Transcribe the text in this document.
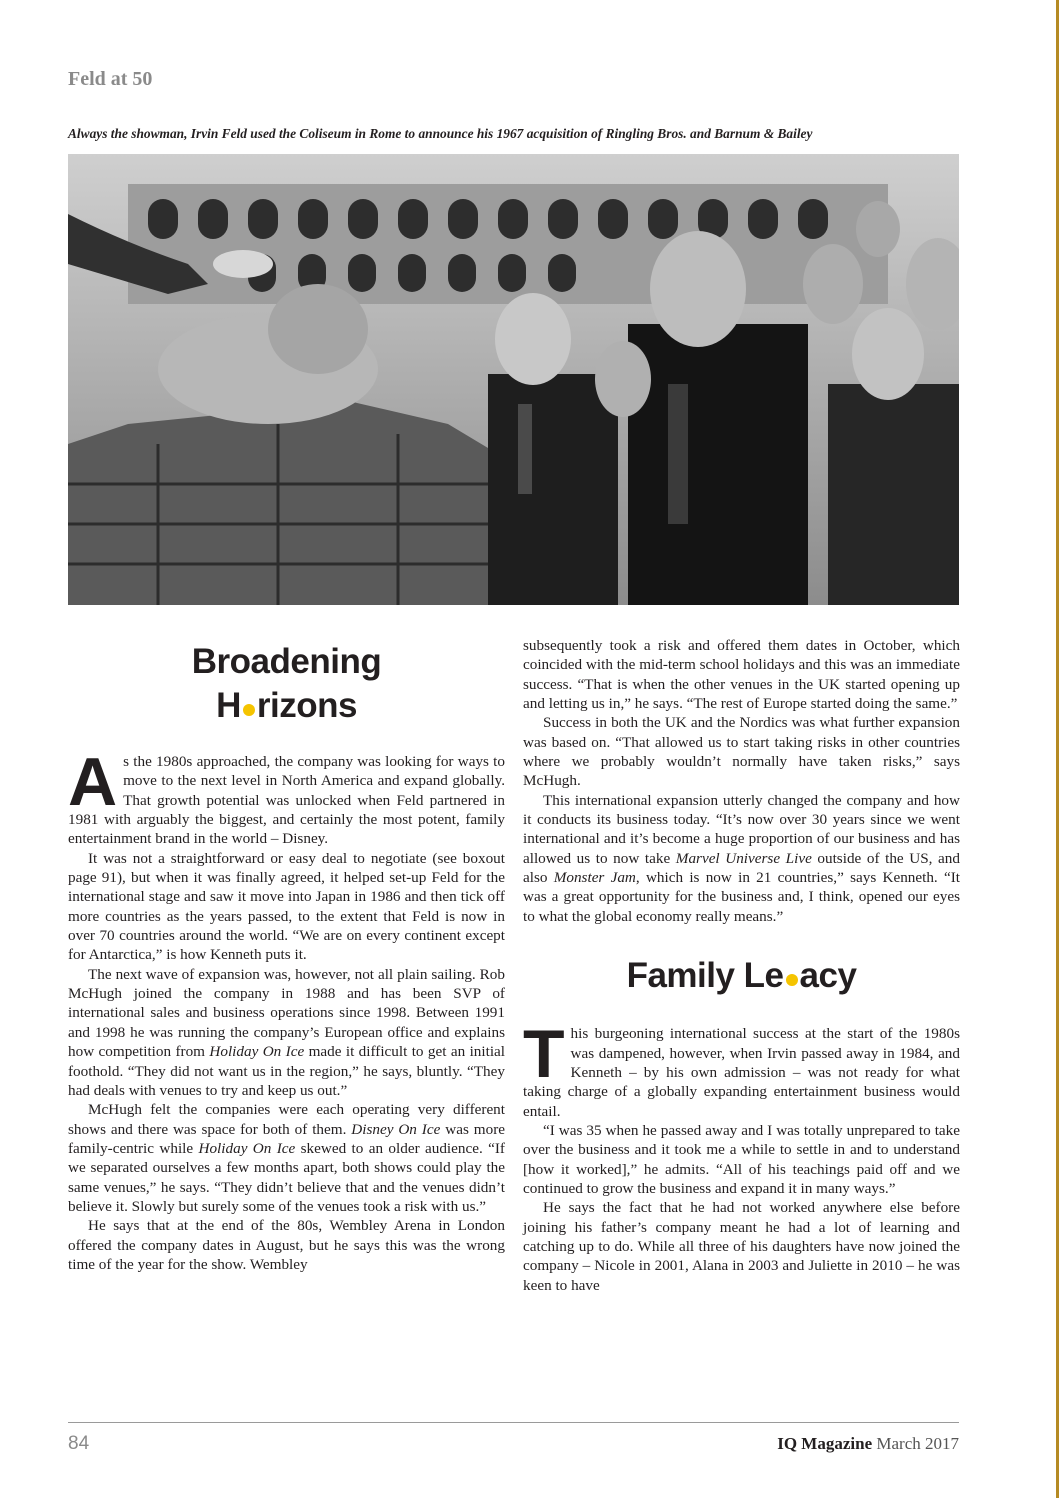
Feld at 50
Always the showman, Irvin Feld used the Coliseum in Rome to announce his 1967 acquisition of Ringling Bros. and Barnum & Bailey
Broadening
H rizons

As the 1980s approached, the company was looking for ways to move to the next level in North America and expand globally. That growth potential was unlocked when Feld partnered in 1981 with arguably the biggest, and certainly the most potent, family entertainment brand in the world – Disney.

It was not a straightforward or easy deal to negotiate (see boxout page 91), but when it was finally agreed, it helped set-up Feld for the international stage and saw it move into Japan in 1986 and then tick off more countries as the years passed, to the extent that Feld is now in over 70 countries around the world. “We are on every continent except for Antarctica,” is how Kenneth puts it.

The next wave of expansion was, however, not all plain sailing. Rob McHugh joined the company in 1988 and has been SVP of international sales and business operations since 1998. Between 1991 and 1998 he was running the company’s European office and explains how competition from Holiday On Ice made it difficult to get an initial foothold. “They did not want us in the region,” he says, bluntly. “They had deals with venues to try and keep us out.”

McHugh felt the companies were each operating very different shows and there was space for both of them. Disney On Ice was more family-centric while Holiday On Ice skewed to an older audience. “If we separated ourselves a few months apart, both shows could play the same venues,” he says. “They didn’t believe that and the venues didn’t believe it. Slowly but surely some of the venues took a risk with us.”

He says that at the end of the 80s, Wembley Arena in London offered the company dates in August, but he says this was the wrong time of the year for the show. Wembley

subsequently took a risk and offered them dates in October, which coincided with the mid-term school holidays and this was an immediate success. “That is when the other venues in the UK started opening up and letting us in,” he says. “The rest of Europe started doing the same.”

Success in both the UK and the Nordics was what further expansion was based on. “That allowed us to start taking risks in other countries where we probably wouldn’t normally have taken risks,” says McHugh.

This international expansion utterly changed the company and how it conducts its business today. “It’s now over 30 years since we went international and it’s become a huge proportion of our business and has allowed us to now take Marvel Universe Live outside of the US, and also Monster Jam, which is now in 21 countries,” says Kenneth. “It was a great opportunity for the business and, I think, opened our eyes to what the global economy really means.”

Family Le acy

This burgeoning international success at the start of the 1980s was dampened, however, when Irvin passed away in 1984, and Kenneth – by his own admission – was not ready for what taking charge of a globally expanding entertainment business would entail.

“I was 35 when he passed away and I was totally unprepared to take over the business and it took me a while to settle in and to understand [how it worked],” he admits. “All of his teachings paid off and we continued to grow the business and expand it in many ways.”

He says the fact that he had not worked anywhere else before joining his father’s company meant he had a lot of learning and catching up to do. While all three of his daughters have now joined the company – Nicole in 2001, Alana in 2003 and Juliette in 2010 – he was keen to have

84	IQ Magazine March 2017
